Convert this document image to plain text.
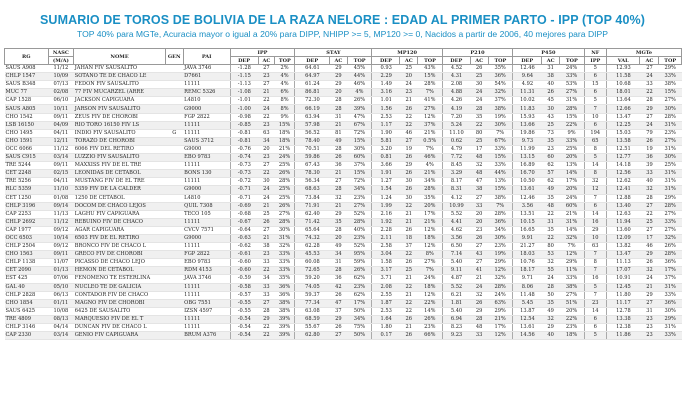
SUMARIO DE TOROS DE BOLIVIA DE LA RAZA NELORE : EDAD AL PRIMER PARTO - IPP (TOP 40%)
TOP 40% para MGTe, Acuracia mayor o igual a 20% para DIPP, NHIPP >= 5, MP120 >= 0, Nacidos a partir de 2006, 40 mejores para DIPP
RG	NASC	NOME	GEN	PAI	IPP			STAY			MP120			P210			P450			NF	MGTe		
	(M/A)				DEP	AC	TOP	DEP	AC	TOP	DEP	AC	TOP	DEP	AC	TOP	DEP	AC	TOP	IPP	VAL	AC	TOP
SAUS A908	11/12	JAHAN FIV SAUSALITO		JAVA 3746	-1.28	27	2%	64.61	29	45%	0.93	25	43%	4.52	26	35%	12.46	31	24%	5	12.93	27	29%
CHLP 1547	10/09	SOTANO TE DE CHACO LE		D7661	-1.15	23	4%	64.97	29	44%	2.29	20	15%	4.31	25	36%	9.64	38	33%	6	11.58	24	33%
SAUS B348	07/13	FEDON FIV SAUSALITO		11111	-1.13	27	4%	61.24	29	46%	1.49	24	28%	2.08	30	54%	4.92	40	53%	15	10.68	33	38%
MUC 77	02/08	77 FIV MUCARZEL (ARRE		REMC 5326	-1.08	21	6%	86.81	20	4%	3.16	23	7%	4.88	24	32%	11.31	26	27%	6	18.01	22	15%
CAP 1528	06/10	JACKSON CAPIGUARA		L4810	-1.01	22	8%	72.30	28	26%	1.01	21	41%	4.26	24	37%	10.02	45	31%	5	13.64	28	27%
SAUS A805	10/11	JARSON FIV SAUSALITO		G9000	-1.00	24	8%	66.19	28	39%	1.56	26	27%	4.19	28	38%	11.83	30	28%	7	12.66	29	30%
CHO 1542	09/11	ZEUS FIV DE CHOROBI		FGP 2822	-0.98	22	9%	63.94	31	47%	2.53	22	12%	7.20	35	19%	15.93	43	15%	10	13.47	27	28%
LSB 16150	04/09	RIO TORO 16150 FIV LS		11111	-0.85	23	15%	57.98	21	67%	1.17	22	37%	5.24	22	30%	13.66	25	22%	6	12.25	24	31%
CHO 1495	04/11	INDIO FIV SAUSALITO	G	11111	-0.81	63	18%	56.52	81	72%	1.90	46	21%	11.10	80	7%	19.86	73	9%	194	15.03	79	23%
CHO 1591	12/11	TORAZO DE CHOROBI		SAUS 3712	-0.81	34	18%	78.40	49	15%	5.81	27	0.5%	0.62	25	67%	9.73	35	33%	65	13.58	26	27%
OCC 6066	11/12	6066 FIV DEL RETIRO		G9000	-0.76	20	21%	70.51	28	30%	3.20	19	7%	4.79	17	33%	11.99	23	25%	8	12.51	19	31%
SAUS C915	03/14	LUZZIO FIV SAUSALITO		EBO 9783	-0.74	23	24%	59.86	26	60%	0.81	26	46%	7.72	48	15%	13.15	60	20%	5	12.77	36	30%
TRE 5244	09/11	MAXXISS FIV DE EL TRE		11111	-0.73	27	25%	67.43	36	37%	3.66	29	4%	8.45	32	33%	16.89	62	13%	14	14.18	39	25%
CET 2248	02/15	LEONIDAS DE CETABOL		BONS 130	-0.73	22	26%	78.30	21	15%	1.91	26	21%	3.29	48	44%	16.70	57	14%	8	12.56	33	31%
TRE 5256	04/11	MUSTANG FIV DE EL TRE		11111	-0.72	30	28%	56.34	27	72%	1.27	30	34%	8.17	47	13%	10.50	62	17%	32	12.62	40	31%
RLC 5359	11/10	5359 FIV DE LA CALDER		G9000	-0.71	24	25%	68.63	28	34%	1.54	26	28%	8.31	38	15%	13.61	49	20%	12	12.41	32	31%
CET 1250	01/08	1250 DE CETABOL		L4810	-0.71	24	25%	73.84	32	23%	1.24	30	35%	4.12	27	38%	12.46	35	24%	7	12.88	28	29%
CHLP 3196	09/14	DOCOM DE CHACO LEJOS		QUIL 7308	-0.69	21	26%	71.91	21	27%	1.99	22	20%	10.99	33	7%	3.56	48	60%	6	13.40	27	28%
CAP 2253	11/13	LAGHU FIV CAPIGUARA		TECO 105	-0.68	25	27%	62.40	29	52%	2.16	21	17%	5.52	20	28%	13.51	22	21%	14	12.63	22	27%
CHLP 2692	11/12	REBUINO FIV DE CHACO		11111	-0.67	26	28%	71.42	35	28%	1.92	21	21%	4.41	20	36%	10.15	31	31%	16	11.94	25	33%
CAP 1977	09/12	AGAR CAPIGUARA		CVCV 7571	-0.64	27	30%	65.64	28	40%	2.28	26	12%	4.62	23	34%	16.65	35	14%	29	13.60	27	27%
OCC 6503	10/14	6503 FIV DE EL RETIRO		G9000	-0.63	21	31%	74.32	20	23%	2.11	18	18%	3.56	26	30%	9.91	22	32%	10	12.09	17	32%
CHLP 2504	09/12	BRONCO FIV DE CHACO L		11111	-0.62	38	32%	62.28	49	52%	2.58	37	12%	6.50	27	23%	21.27	80	7%	63	13.82	46	26%
CHO 1563	09/11	GRECO FIV DE CHOROBI		FGP 2822	-0.61	23	33%	45.53	34	95%	3.04	22	8%	7.14	43	19%	18.03	53	12%	7	13.47	29	28%
CHLP 1138	11/07	PICASSO DE CHACO LEJO		EBO 9783	-0.60	33	33%	60.08	31	59%	1.58	26	27%	5.40	27	29%	10.76	32	29%	8	11.13	26	36%
CET 2090	01/13	HEMON DE CETABOL		RDM 4153	-0.60	22	33%	72.65	28	26%	3.17	25	7%	9.11	41	12%	18.17	55	11%	7	17.07	32	17%
EST 425	07/06	FENOMENO TE ESTERLINA		JAVA 3746	-0.59	34	35%	59.20	36	62%	3.71	21	24%	4.87	21	32%	9.71	24	33%	16	10.91	24	37%
GAL 40	05/10	NUCLEO TE DE GALICIA		11111	-0.58	33	36%	74.05	42	23%	2.08	22	18%	5.52	24	28%	8.06	28	38%	5	12.45	21	31%
CHLP 2828	06/13	CONTADOR FIV DE CHACO		11111	-0.57	33	36%	59.37	26	62%	2.55	21	12%	6.21	32	24%	11.48	50	27%	7	11.80	29	33%
CHO 1854	01/11	MAGNO FIV DE CHOROBI		OBG 7551	-0.55	27	38%	77.34	47	17%	1.87	22	22%	1.81	26	63%	5.45	35	51%	23	11.17	27	36%
SAUS 6425	10/08	6425 DE SAUSALITO		IZSN 4597	-0.55	28	38%	63.08	37	50%	2.53	22	14%	5.40	29	29%	13.87	49	20%	14	12.78	31	30%
TRE 4809	08/13	MARQUESIO FIV DE EL T		11111	-0.54	29	39%	68.59	29	34%	1.64	26	26%	6.94	28	21%	12.54	32	22%	6	13.38	23	29%
CHLP 3146	04/14	DUNCAN FIV DE CHACO L		11111	-0.54	22	39%	55.67	26	75%	1.80	21	23%	8.23	48	17%	13.61	29	23%	6	12.38	23	31%
CAP 2330	03/14	GENIO FIV CAPIGUARA		BRUM A376	-0.54	22	39%	62.80	27	50%	0.17	26	66%	9.23	33	12%	14.56	40	18%	5	11.86	23	33%
